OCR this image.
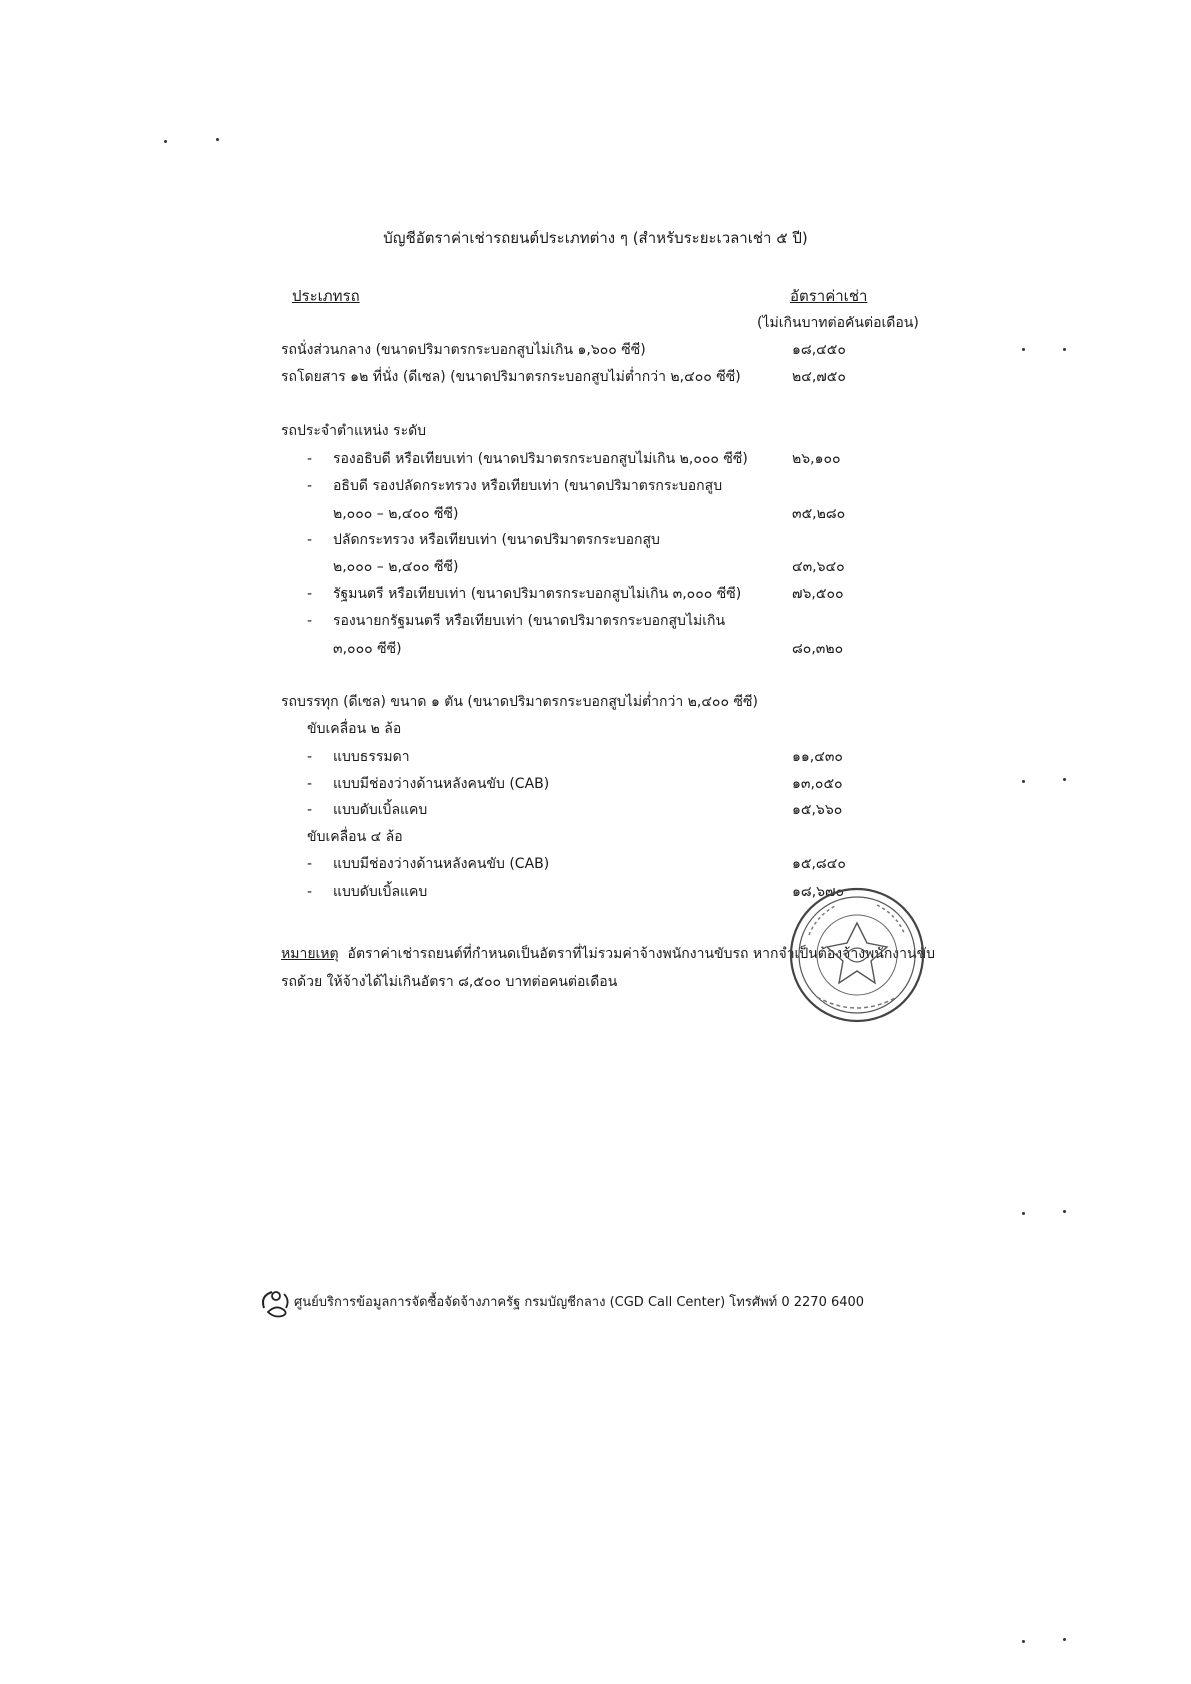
บัญชีอัตราค่าเช่ารถยนต์ประเภทต่าง ๆ (สำหรับระยะเวลาเช่า ๕ ปี)
ประเภทรถ	อัตราค่าเช่า
(ไม่เกินบาทต่อคันต่อเดือน)
รถนั่งส่วนกลาง (ขนาดปริมาตรกระบอกสูบไม่เกิน ๑,๖๐๐ ซีซี)	๑๘,๔๕๐
รถโดยสาร ๑๒ ที่นั่ง (ดีเซล) (ขนาดปริมาตรกระบอกสูบไม่ต่ำกว่า ๒,๔๐๐ ซีซี)	๒๔,๗๕๐
รถประจำตำแหน่ง ระดับ
- รองอธิบดี หรือเทียบเท่า (ขนาดปริมาตรกระบอกสูบไม่เกิน ๒,๐๐๐ ซีซี)	๒๖,๑๐๐
- อธิบดี รองปลัดกระทรวง หรือเทียบเท่า (ขนาดปริมาตรกระบอกสูบ
๒,๐๐๐ – ๒,๔๐๐ ซีซี)	๓๕,๒๘๐
- ปลัดกระทรวง หรือเทียบเท่า (ขนาดปริมาตรกระบอกสูบ
๒,๐๐๐ – ๒,๔๐๐ ซีซี)	๔๓,๖๔๐
- รัฐมนตรี หรือเทียบเท่า (ขนาดปริมาตรกระบอกสูบไม่เกิน ๓,๐๐๐ ซีซี)	๗๖,๕๐๐
- รองนายกรัฐมนตรี หรือเทียบเท่า (ขนาดปริมาตรกระบอกสูบไม่เกิน
๓,๐๐๐ ซีซี)	๘๐,๓๒๐
รถบรรทุก (ดีเซล) ขนาด ๑ ตัน (ขนาดปริมาตรกระบอกสูบไม่ต่ำกว่า ๒,๔๐๐ ซีซี)
ขับเคลื่อน ๒ ล้อ
- แบบธรรมดา	๑๑,๔๓๐
- แบบมีช่องว่างด้านหลังคนขับ (CAB)	๑๓,๐๕๐
- แบบดับเบิ้ลแคบ	๑๕,๖๖๐
ขับเคลื่อน ๔ ล้อ
- แบบมีช่องว่างด้านหลังคนขับ (CAB)	๑๕,๘๔๐
- แบบดับเบิ้ลแคบ	๑๘,๖๗๐
หมายเหตุ อัตราค่าเช่ารถยนต์ที่กำหนดเป็นอัตราที่ไม่รวมค่าจ้างพนักงานขับรถ หากจำเป็นต้องจ้างพนักงานขับรถด้วย ให้จ้างได้ไม่เกินอัตรา ๘,๕๐๐ บาทต่อคนต่อเดือน
ศูนย์บริการข้อมูลการจัดซื้อจัดจ้างภาครัฐ กรมบัญชีกลาง (CGD Call Center) โทรศัพท์ 0 2270 6400
